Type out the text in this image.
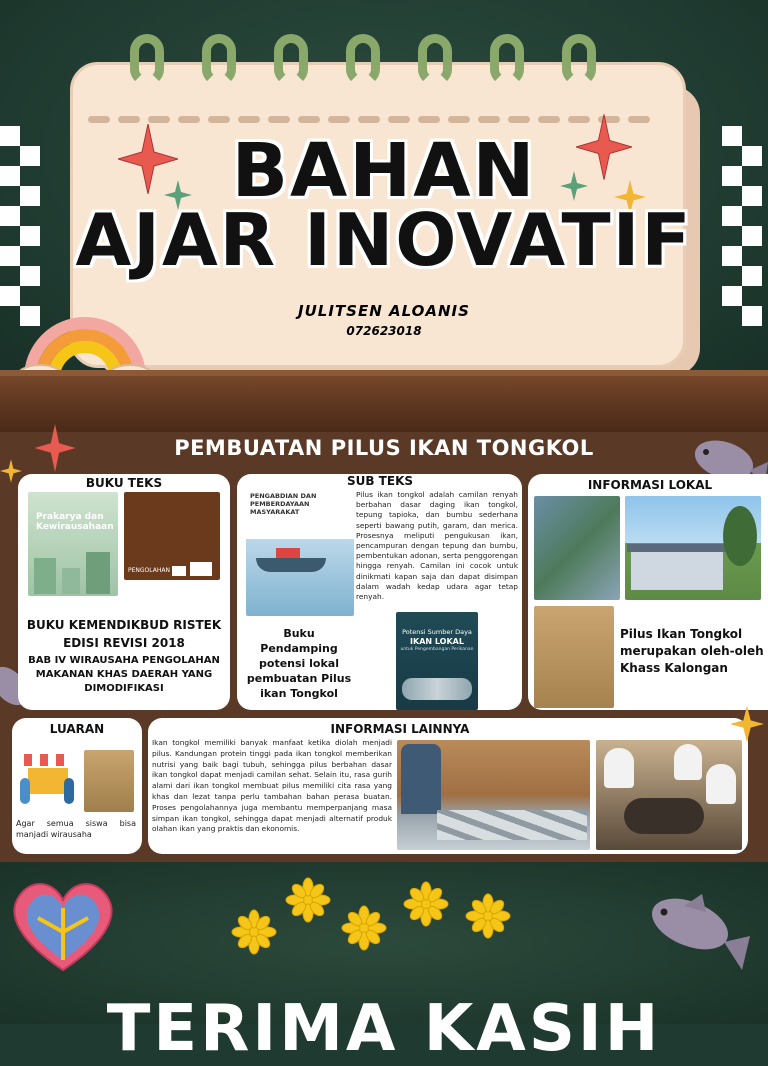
BAHAN
AJAR INOVATIF
JULITSEN ALOANIS
072623018
PEMBUATAN PILUS IKAN TONGKOL
BUKU TEKS
Prakarya dan Kewirausahaan
PENGOLAHAN
BUKU KEMENDIKBUD RISTEK
EDISI REVISI 2018
BAB IV WIRAUSAHA PENGOLAHAN MAKANAN KHAS DAERAH YANG DIMODIFIKASI
SUB TEKS
PENGABDIAN DAN PEMBERDAYAAN MASYARAKAT
Pilus ikan tongkol adalah camilan renyah berbahan dasar daging ikan tongkol, tepung tapioka, dan bumbu sederhana seperti bawang putih, garam, dan merica. Prosesnya meliputi pengukusan ikan, pencampuran dengan tepung dan bumbu, pembentukan adonan, serta penggorengan hingga renyah. Camilan ini cocok untuk dinikmati kapan saja dan dapat disimpan dalam wadah kedap udara agar tetap renyah.
Buku Pendamping potensi lokal pembuatan Pilus ikan Tongkol
Potensi Sumber Daya
IKAN LOKAL
untuk Pengembangan Perikanan
INFORMASI LOKAL
Pilus Ikan Tongkol merupakan oleh-oleh Khass Kalongan
LUARAN
Agar semua siswa bisa manjadi wirausaha
INFORMASI LAINNYA
Ikan tongkol memiliki banyak manfaat ketika diolah menjadi pilus. Kandungan protein tinggi pada ikan tongkol memberikan nutrisi yang baik bagi tubuh, sehingga pilus berbahan dasar ikan tongkol dapat menjadi camilan sehat. Selain itu, rasa gurih alami dari ikan tongkol membuat pilus memiliki cita rasa yang khas dan lezat tanpa perlu tambahan bahan perasa buatan. Proses pengolahannya juga membantu memperpanjang masa simpan ikan tongkol, sehingga dapat menjadi alternatif produk olahan ikan yang praktis dan ekonomis.
TERIMA KASIH
